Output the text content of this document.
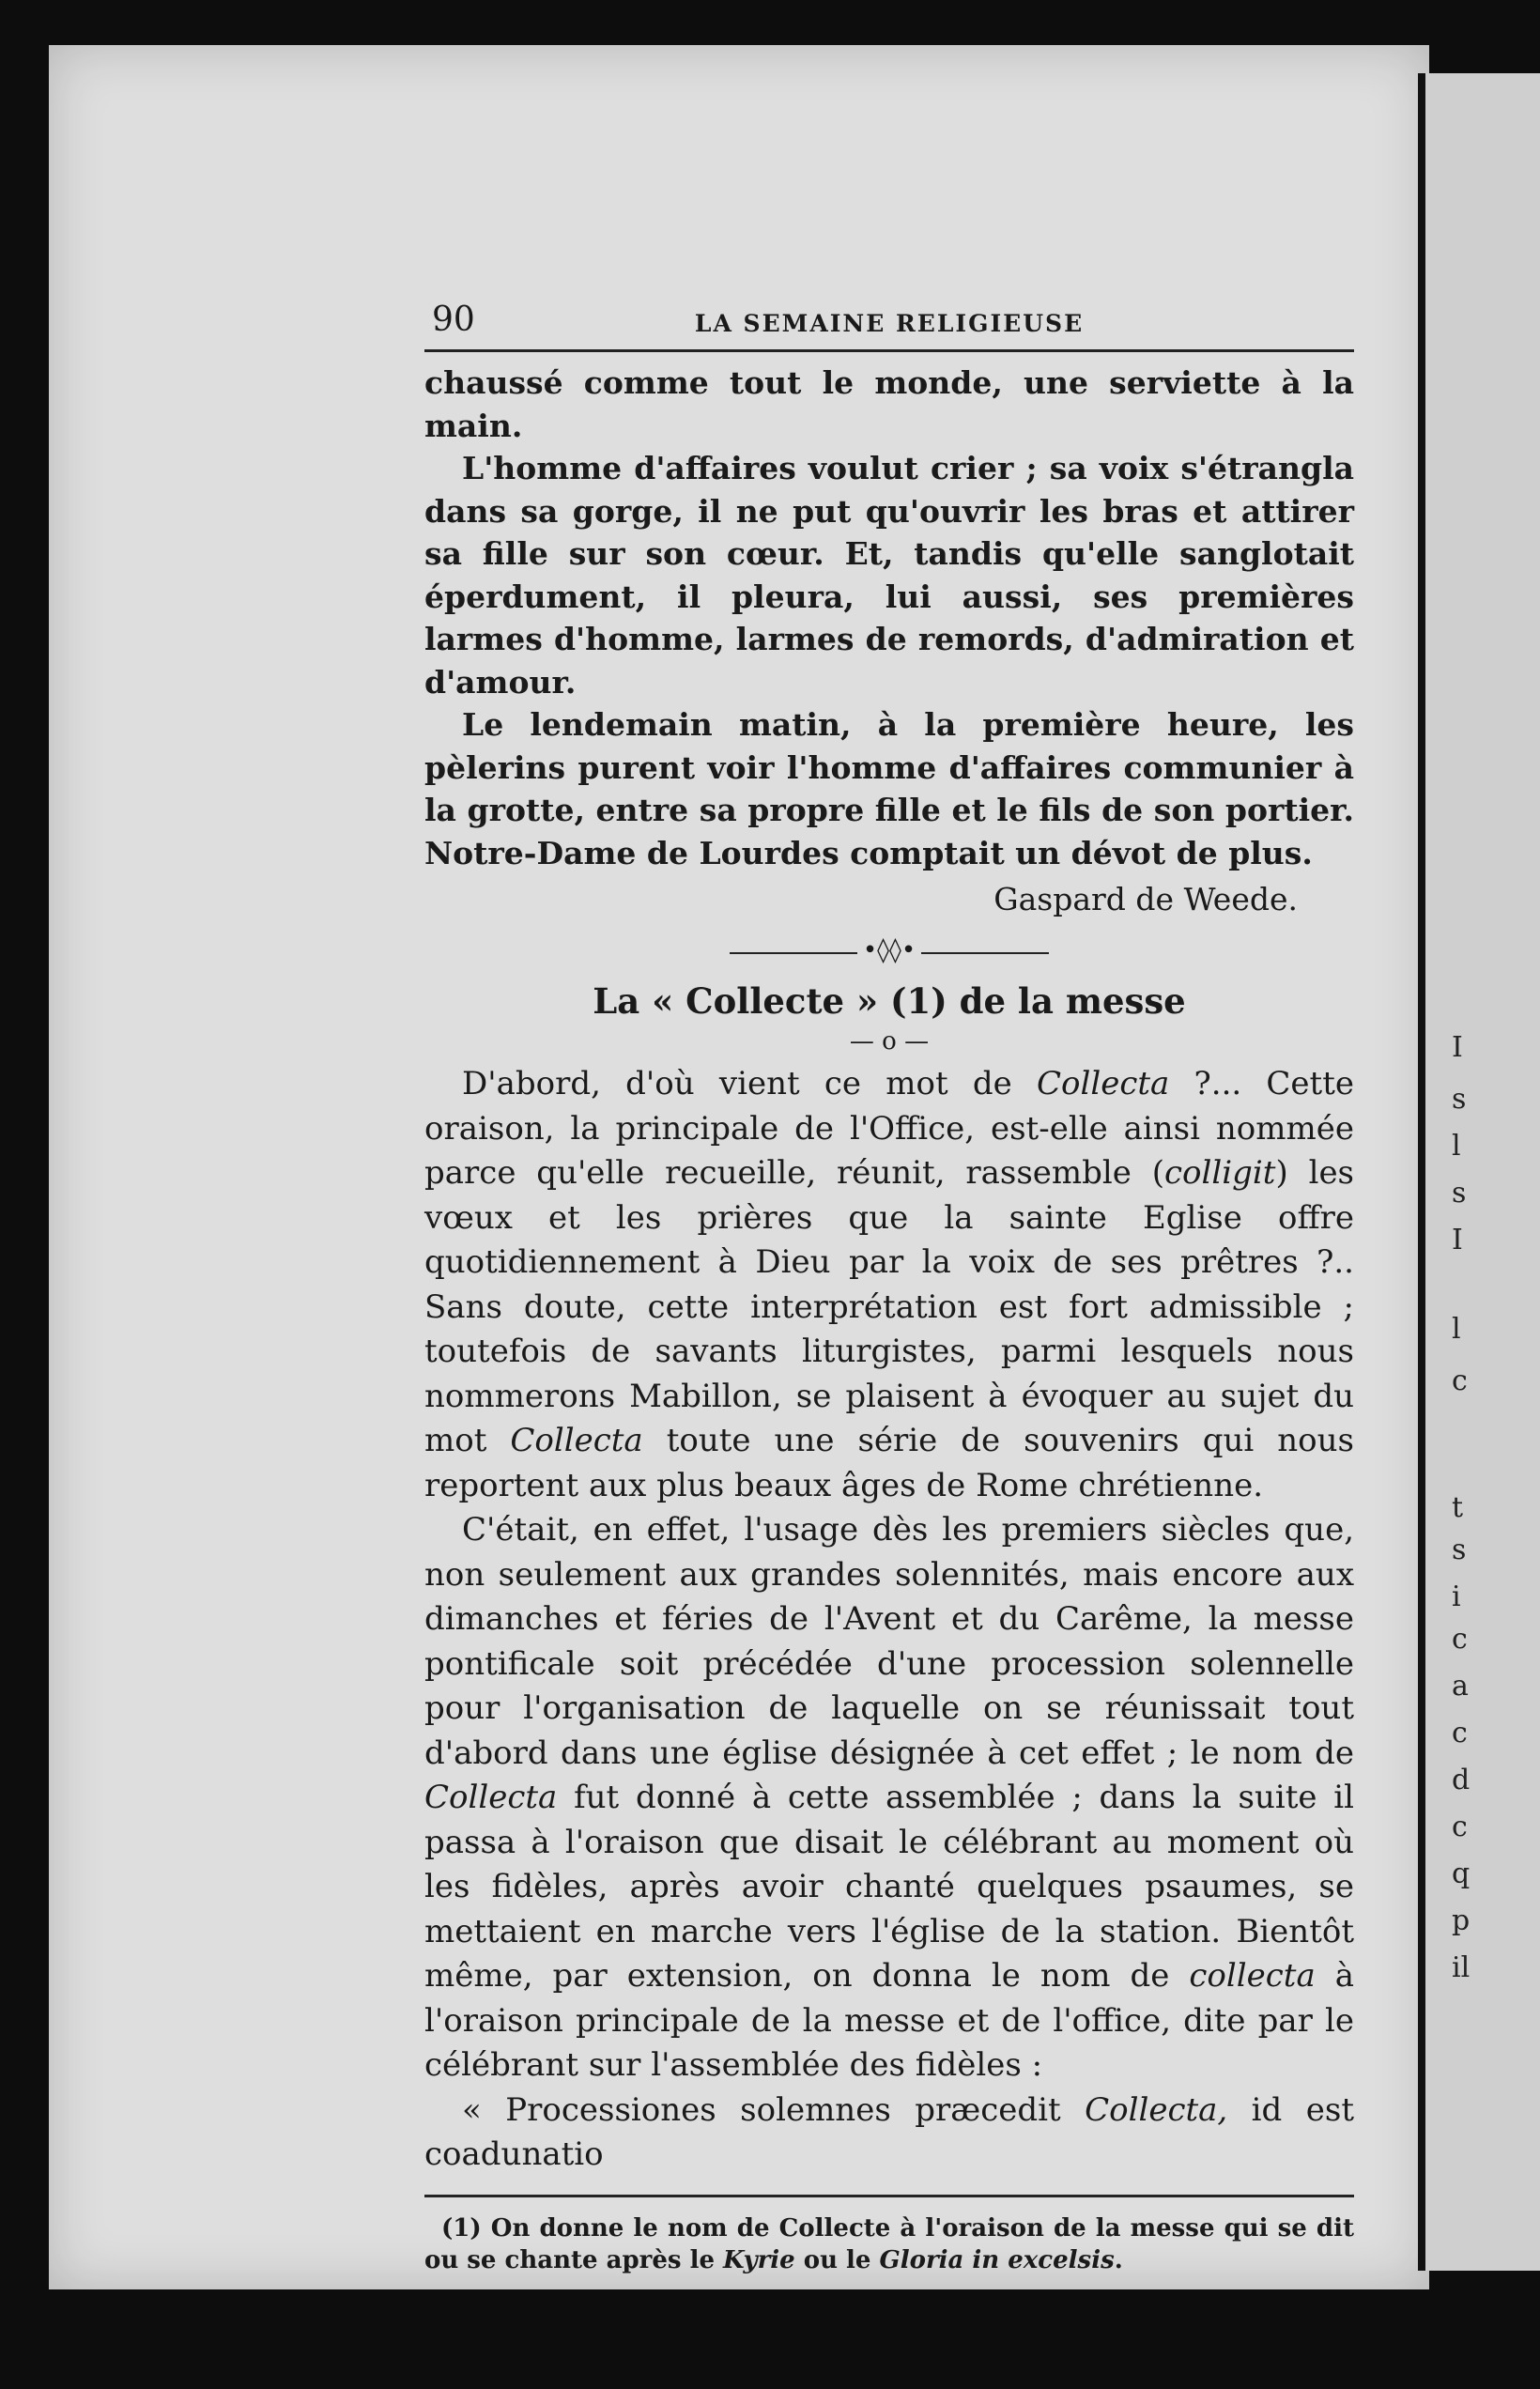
90	LA SEMAINE RELIGIEUSE

chaussé comme tout le monde, une serviette à la main.

L'homme d'affaires voulut crier ; sa voix s'étrangla dans sa gorge, il ne put qu'ouvrir les bras et attirer sa fille sur son cœur. Et, tandis qu'elle sanglotait éperdument, il pleura, lui aussi, ses premières larmes d'homme, larmes de remords, d'admiration et d'amour.

Le lendemain matin, à la première heure, les pèlerins purent voir l'homme d'affaires communier à la grotte, entre sa propre fille et le fils de son portier. Notre-Dame de Lourdes comptait un dévot de plus.

Gaspard de Weede.
•◊◊•
La « Collecte » (1) de la messe
— o —

D'abord, d'où vient ce mot de Collecta ?... Cette oraison, la principale de l'Office, est-elle ainsi nommée parce qu'elle recueille, réunit, rassemble (colligit) les vœux et les prières que la sainte Eglise offre quotidiennement à Dieu par la voix de ses prêtres ?.. Sans doute, cette interprétation est fort admissible ; toutefois de savants liturgistes, parmi lesquels nous nommerons Mabillon, se plaisent à évoquer au sujet du mot Collecta toute une série de souvenirs qui nous reportent aux plus beaux âges de Rome chrétienne.

C'était, en effet, l'usage dès les premiers siècles que, non seulement aux grandes solennités, mais encore aux dimanches et féries de l'Avent et du Carême, la messe pontificale soit précédée d'une procession solennelle pour l'organisation de laquelle on se réunissait tout d'abord dans une église désignée à cet effet ; le nom de Collecta fut donné à cette assemblée ; dans la suite il passa à l'oraison que disait le célébrant au moment où les fidèles, après avoir chanté quelques psaumes, se mettaient en marche vers l'église de la station. Bientôt même, par extension, on donna le nom de collecta à l'oraison principale de la messe et de l'office, dite par le célébrant sur l'assemblée des fidèles :

« Processiones solemnes præcedit Collecta, id est coadunatio

(1) On donne le nom de Collecte à l'oraison de la messe qui se dit ou se chante après le Kyrie ou le Gloria in excelsis.
I
s
l
s
I
l
c
t
s
i
c
a
c
d
c
q
p
il
